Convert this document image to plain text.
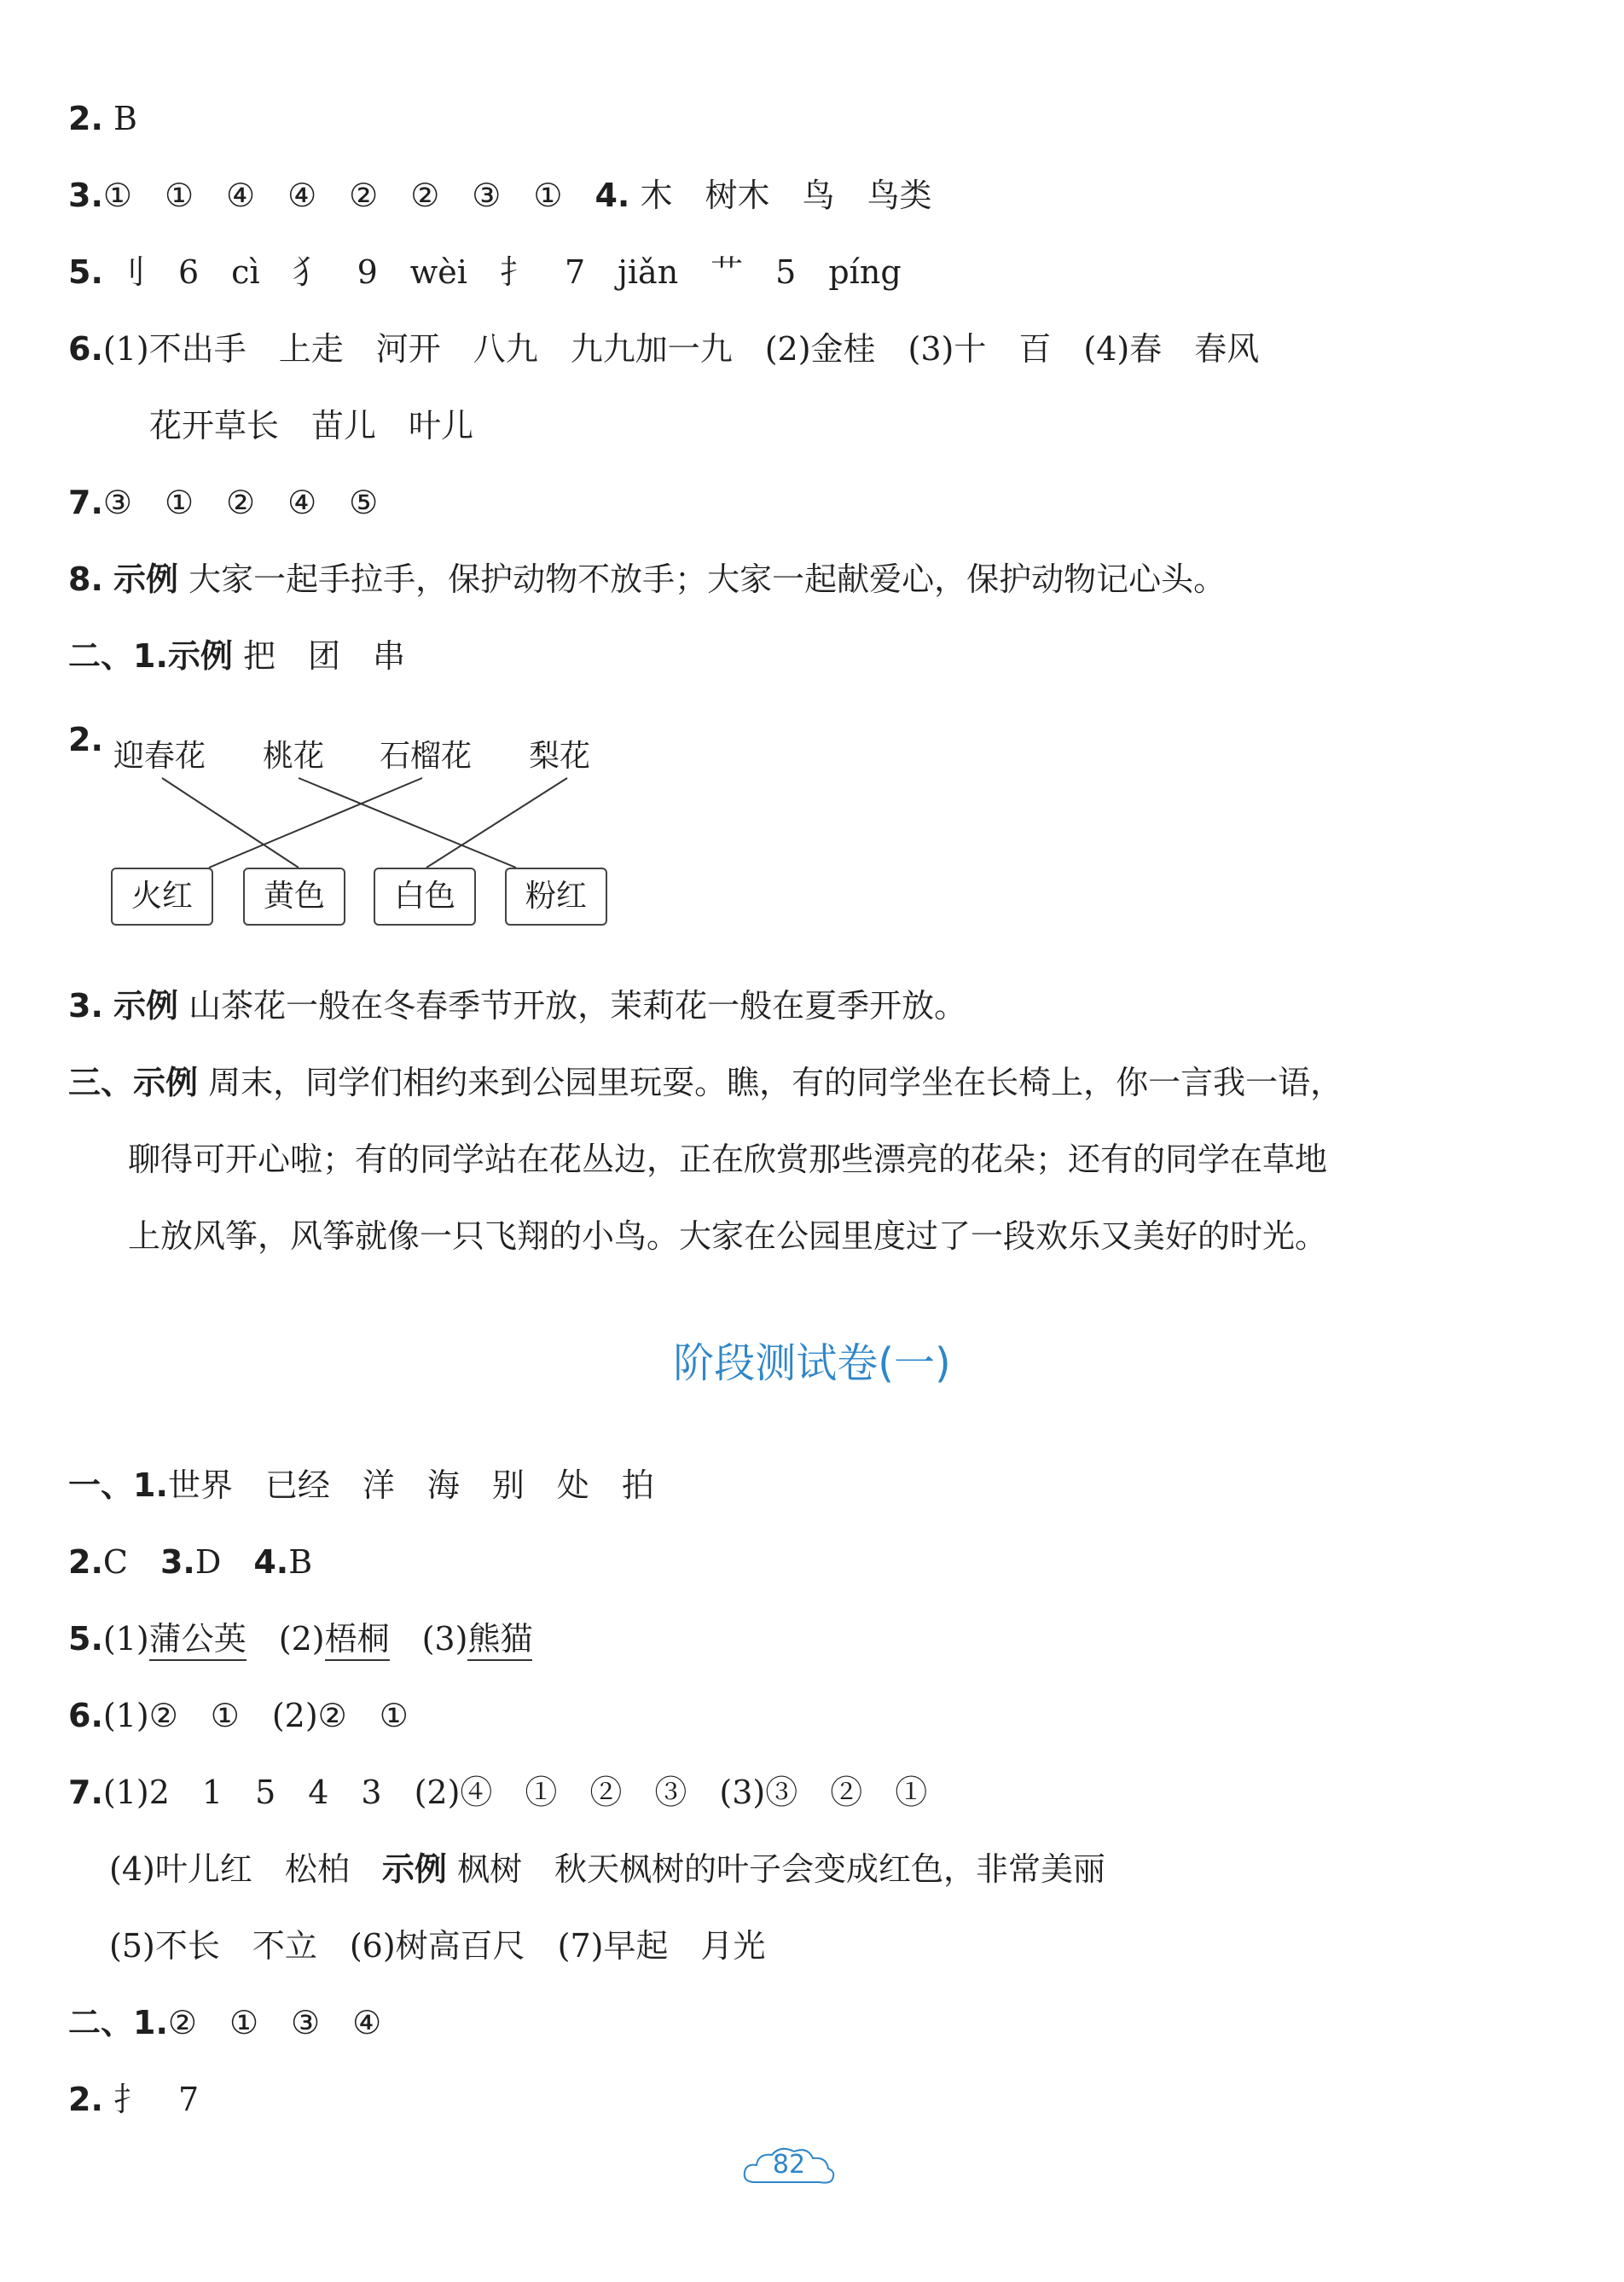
2. B
3.①　①　④　④　②　②　③　①　 4. 木　树木　鸟　鸟类
5. 刂　6　cì　犭　9　wèi　扌　7　jiǎn　艹　5　píng
6.(1)不出手　上走　河开　八九　九九加一九　(2)金桂　(3)十　百　(4)春　春风
花开草长　苗儿　叶儿
7.③　①　②　④　⑤
8. 示例 大家一起手拉手，保护动物不放手；大家一起献爱心，保护动物记心头。
二、1.示例 把　团　串
2. 迎春花 桃花 石榴花 梨花
火红	黄色	白色	粉红
3. 示例 山茶花一般在冬春季节开放，茉莉花一般在夏季开放。
三、示例 周末，同学们相约来到公园里玩耍。瞧，有的同学坐在长椅上，你一言我一语，
聊得可开心啦；有的同学站在花丛边，正在欣赏那些漂亮的花朵；还有的同学在草地
上放风筝，风筝就像一只飞翔的小鸟。大家在公园里度过了一段欢乐又美好的时光。
阶段测试卷(一)
一、1.世界　已经　洋　海　别　处　拍
2.C　 3.D　 4.B
5.(1)蒲公英　 (2)梧桐　 (3)熊猫
6.(1)②　①　(2)②　①
7.(1)2　1　5　4　3　(2)④　①　②　③　(3)③　②　①
(4)叶儿红　松柏　示例 枫树　秋天枫树的叶子会变成红色，非常美丽
(5)不长　不立　(6)树高百尺　(7)早起　月光
二、1.②　①　③　④
2. 扌　7
82
